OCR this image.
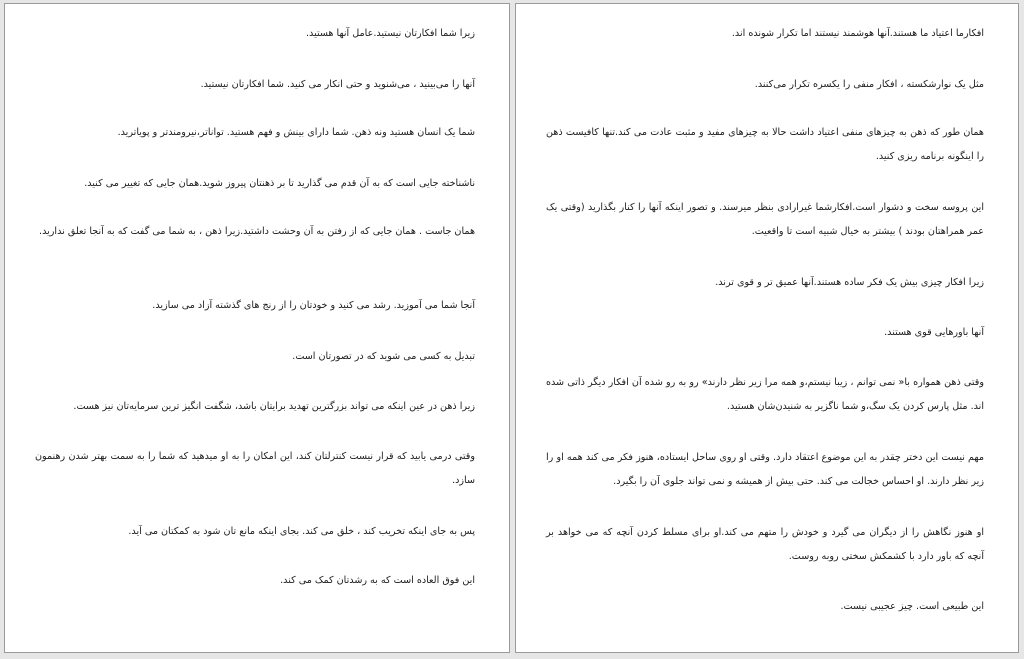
زیرا شما افکارتان نیستید.عامل آنها هستید.

آنها را می‌بینید ، می‌شنوید و حتی انکار می کنید. شما افکارتان نیستید.

شما یک انسان هستید ونه ذهن. شما دارای بینش و فهم هستید. تواناتر،نیرومندتر و پویاترید.

ناشناخته جایی است که به آن قدم می گذارید تا بر ذهنتان پیروز شوید.همان جایی که تغییر می کنید.

همان جاست . همان جایی که از رفتن به آن وحشت داشتید.زیرا ذهن ، به شما می گفت که به آنجا تعلق ندارید.

آنجا شما می آموزید. رشد می کنید و خودتان را از رنج های گذشته آزاد می سازید.

تبدیل به کسی می شوید که در تصورتان است.

زیرا ذهن در عین اینکه می تواند بزرگترین تهدید برایتان باشد، شگفت انگیز ترین سرمایه‌تان نیز هست.

وقتی درمی یابید که قرار نیست کنترلتان کند، این امکان را به او میدهید که شما را به سمت بهتر شدن رهنمون سازد.

پس به جای اینکه تخریب کند ، خلق می کند. بجای اینکه مانع تان شود به کمکتان می آید.

این فوق العاده است که به رشدتان کمک می کند.

افکارما اعتیاد ما هستند.آنها هوشمند نیستند اما تکرار شونده اند.

مثل یک نوارشکسته ، افکار منفی را یکسره تکرار می‌کنند.

همان طور که ذهن به چیزهای منفی اعتیاد داشت حالا به چیزهای مفید و مثبت عادت می کند.تنها کافیست ذهن را اینگونه برنامه ریزی کنید.

این پروسه سخت و دشوار است.افکارشما غیرارادی بنظر میرسند. و تصور اینکه آنها را کنار بگذارید (وقتی یک عمر همراهتان بودند ) بیشتر به خیال شبیه است تا واقعیت.

زیرا افکار چیزی بیش یک فکر ساده هستند.آنها عمیق تر و قوی ترند.

آنها باورهایی قوی هستند.

وقتی ذهن همواره با« نمی توانم ، زیبا نیستم،و همه مرا زیر نظر دارند» رو به رو شده آن افکار دیگر ذاتی شده اند. مثل پارس کردن یک سگ،و شما ناگزیر به شنیدن‌شان هستید.

مهم نیست این دختر چقدر به این موضوع اعتقاد دارد. وقتی او روی ساحل ایستاده، هنوز فکر می کند همه او را زیر نظر دارند. او احساس خجالت می کند. حتی بیش از همیشه و نمی تواند جلوی آن را بگیرد.

او هنوز نگاهش را از دیگران می گیرد و خودش را متهم می کند.او برای مسلط کردن آنچه که می خواهد بر آنچه که باور دارد با کشمکش سختی روبه روست.

این طبیعی است. چیز عجیبی نیست.
